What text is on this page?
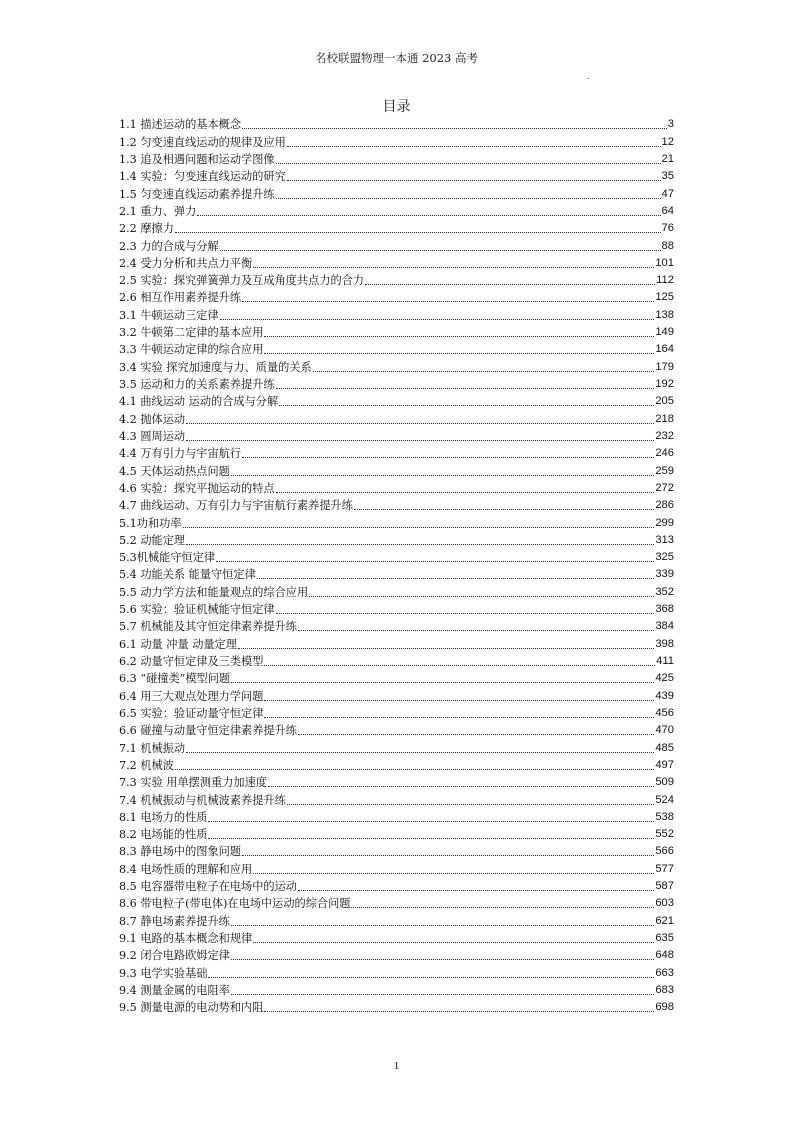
名校联盟物理一本通 2023 高考
.
目录
1.1 描述运动的基本概念	3
1.2 匀变速直线运动的规律及应用	12
1.3 追及相遇问题和运动学图像	21
1.4 实验：匀变速直线运动的研究	35
1.5 匀变速直线运动素养提升练	47
2.1 重力、弹力	64
2.2 摩擦力	76
2.3 力的合成与分解	88
2.4 受力分析和共点力平衡	101
2.5 实验：探究弹簧弹力及互成角度共点力的合力	112
2.6 相互作用素养提升练	125
3.1 牛顿运动三定律	138
3.2 牛顿第二定律的基本应用	149
3.3 牛顿运动定律的综合应用	164
3.4 实验 探究加速度与力、质量的关系	179
3.5 运动和力的关系素养提升练	192
4.1 曲线运动 运动的合成与分解	205
4.2 抛体运动	218
4.3 圆周运动	232
4.4 万有引力与宇宙航行	246
4.5 天体运动热点问题	259
4.6 实验：探究平抛运动的特点	272
4.7 曲线运动、万有引力与宇宙航行素养提升练	286
5.1功和功率	299
5.2 动能定理	313
5.3机械能守恒定律	325
5.4 功能关系 能量守恒定律	339
5.5 动力学方法和能量观点的综合应用	352
5.6 实验：验证机械能守恒定律	368
5.7 机械能及其守恒定律素养提升练	384
6.1 动量 冲量 动量定理	398
6.2 动量守恒定律及三类模型	411
6.3 “碰撞类”模型问题	425
6.4 用三大观点处理力学问题	439
6.5 实验：验证动量守恒定律	456
6.6 碰撞与动量守恒定律素养提升练	470
7.1 机械振动	485
7.2 机械波	497
7.3 实验 用单摆测重力加速度	509
7.4 机械振动与机械波素养提升练	524
8.1 电场力的性质	538
8.2 电场能的性质	552
8.3 静电场中的图象问题	566
8.4 电场性质的理解和应用	577
8.5 电容器带电粒子在电场中的运动	587
8.6 带电粒子(带电体)在电场中运动的综合问题	603
8.7 静电场素养提升练	621
9.1 电路的基本概念和规律	635
9.2 闭合电路欧姆定律	648
9.3 电学实验基础	663
9.4 测量金属的电阻率	683
9.5 测量电源的电动势和内阻	698
1
